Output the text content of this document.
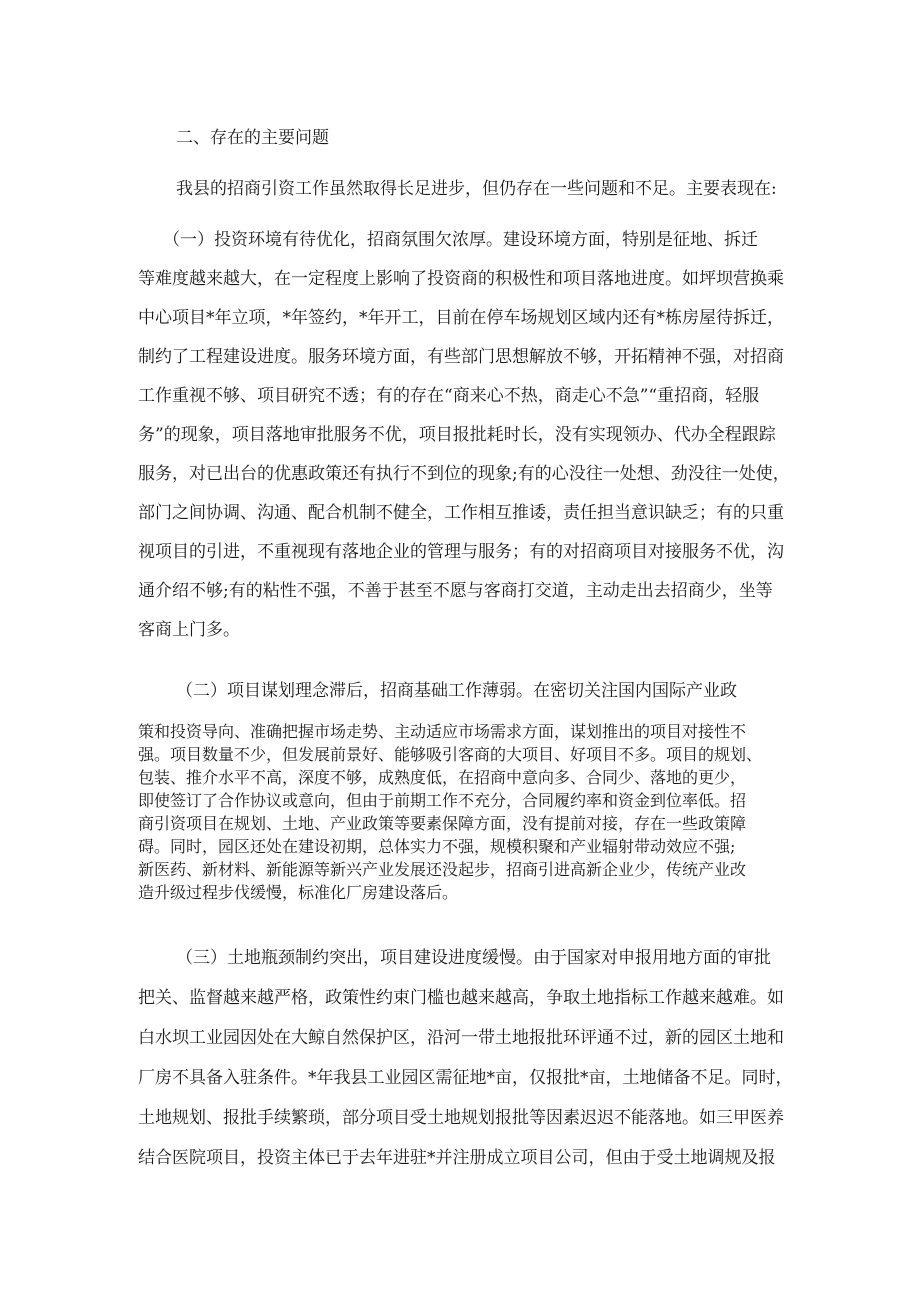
二、存在的主要问题
我县的招商引资工作虽然取得长足进步，但仍存在一些问题和不足。主要表现在:
（一）投资环境有待优化，招商氛围欠浓厚。建设环境方面，特别是征地、拆迁
等难度越来越大，在一定程度上影响了投资商的积极性和项目落地进度。如坪坝营换乘
中心项目*年立项，*年签约，*年开工，目前在停车场规划区域内还有*栋房屋待拆迁，
制约了工程建设进度。服务环境方面，有些部门思想解放不够，开拓精神不强，对招商
工作重视不够、项目研究不透；有的存在“商来心不热，商走心不急”“重招商，轻服
务”的现象，项目落地审批服务不优，项目报批耗时长，没有实现领办、代办全程跟踪
服务，对已出台的优惠政策还有执行不到位的现象;有的心没往一处想、劲没往一处使，
部门之间协调、沟通、配合机制不健全，工作相互推诿，责任担当意识缺乏；有的只重
视项目的引进，不重视现有落地企业的管理与服务；有的对招商项目对接服务不优，沟
通介绍不够;有的粘性不强，不善于甚至不愿与客商打交道，主动走出去招商少，坐等
客商上门多。
（二）项目谋划理念滞后，招商基础工作薄弱。在密切关注国内国际产业政
策和投资导向、准确把握市场走势、主动适应市场需求方面，谋划推出的项目对接性不
强。项目数量不少，但发展前景好、能够吸引客商的大项目、好项目不多。项目的规划、
包装、推介水平不高，深度不够，成熟度低，在招商中意向多、合同少、落地的更少，
即使签订了合作协议或意向，但由于前期工作不充分，合同履约率和资金到位率低。招
商引资项目在规划、土地、产业政策等要素保障方面，没有提前对接，存在一些政策障
碍。同时，园区还处在建设初期，总体实力不强，规模积聚和产业辐射带动效应不强;
新医药、新材料、新能源等新兴产业发展还没起步，招商引进高新企业少，传统产业改
造升级过程步伐缓慢，标准化厂房建设落后。
（三）土地瓶颈制约突出，项目建设进度缓慢。由于国家对申报用地方面的审批
把关、监督越来越严格，政策性约束门槛也越来越高，争取土地指标工作越来越难。如
白水坝工业园因处在大鲸自然保护区，沿河一带土地报批环评通不过，新的园区土地和
厂房不具备入驻条件。*年我县工业园区需征地*亩，仅报批*亩，土地储备不足。同时，
土地规划、报批手续繁琐，部分项目受土地规划报批等因素迟迟不能落地。如三甲医养
结合医院项目，投资主体已于去年进驻*并注册成立项目公司，但由于受土地调规及报
